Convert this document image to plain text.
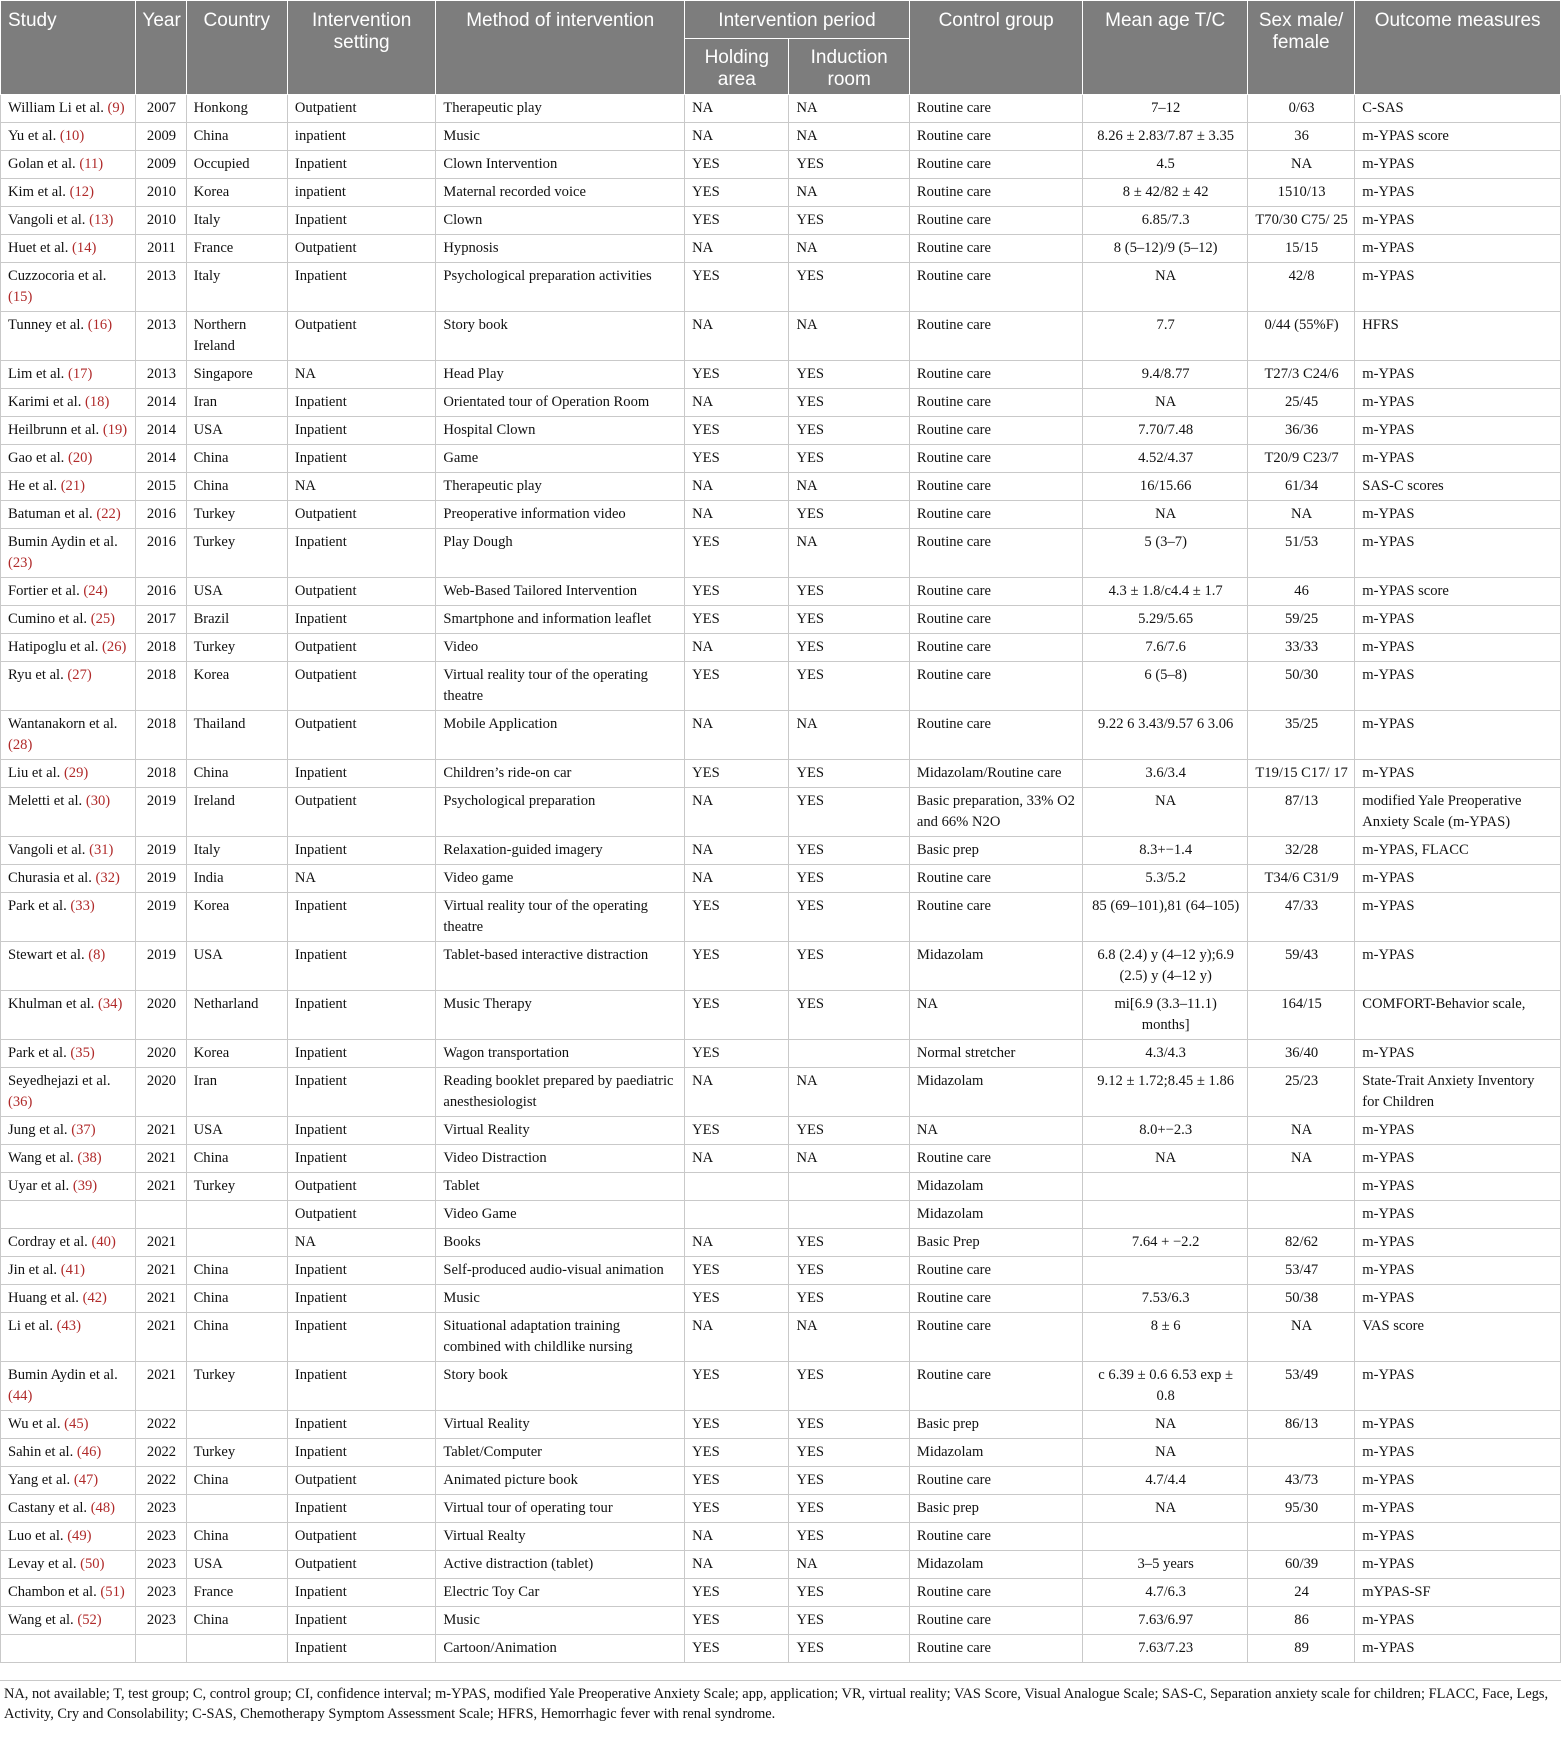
Study	Year	Country	Intervention setting	Method of intervention	Intervention period		Control group	Mean age T/C	Sex male/ female	Outcome measures
					Holding area	Induction room				
William Li et al. (9)	2007	Honkong	Outpatient	Therapeutic play	NA	NA	Routine care	7–12	0/63	C-SAS
Yu et al. (10)	2009	China	inpatient	Music	NA	NA	Routine care	8.26 ± 2.83/7.87 ± 3.35	36	m-YPAS score
Golan et al. (11)	2009	Occupied	Inpatient	Clown Intervention	YES	YES	Routine care	4.5	NA	m-YPAS
Kim et al. (12)	2010	Korea	inpatient	Maternal recorded voice	YES	NA	Routine care	8 ± 42/82 ± 42	1510/13	m-YPAS
Vangoli et al. (13)	2010	Italy	Inpatient	Clown	YES	YES	Routine care	6.85/7.3	T70/30 C75/ 25	m-YPAS
Huet et al. (14)	2011	France	Outpatient	Hypnosis	NA	NA	Routine care	8 (5–12)/9 (5–12)	15/15	m-YPAS
Cuzzocoria et al. (15)	2013	Italy	Inpatient	Psychological preparation activities	YES	YES	Routine care	NA	42/8	m-YPAS
Tunney et al. (16)	2013	Northern Ireland	Outpatient	Story book	NA	NA	Routine care	7.7	0/44 (55%F)	HFRS
Lim et al. (17)	2013	Singapore	NA	Head Play	YES	YES	Routine care	9.4/8.77	T27/3 C24/6	m-YPAS
Karimi et al. (18)	2014	Iran	Inpatient	Orientated tour of Operation Room	NA	YES	Routine care	NA	25/45	m-YPAS
Heilbrunn et al. (19)	2014	USA	Inpatient	Hospital Clown	YES	YES	Routine care	7.70/7.48	36/36	m-YPAS
Gao et al. (20)	2014	China	Inpatient	Game	YES	YES	Routine care	4.52/4.37	T20/9 C23/7	m-YPAS
He et al. (21)	2015	China	NA	Therapeutic play	NA	NA	Routine care	16/15.66	61/34	SAS-C scores
Batuman et al. (22)	2016	Turkey	Outpatient	Preoperative information video	NA	YES	Routine care	NA	NA	m-YPAS
Bumin Aydin et al. (23)	2016	Turkey	Inpatient	Play Dough	YES	NA	Routine care	5 (3–7)	51/53	m-YPAS
Fortier et al. (24)	2016	USA	Outpatient	Web-Based Tailored Intervention	YES	YES	Routine care	4.3 ± 1.8/c4.4 ± 1.7	46	m-YPAS score
Cumino et al. (25)	2017	Brazil	Inpatient	Smartphone and information leaflet	YES	YES	Routine care	5.29/5.65	59/25	m-YPAS
Hatipoglu et al. (26)	2018	Turkey	Outpatient	Video	NA	YES	Routine care	7.6/7.6	33/33	m-YPAS
Ryu et al. (27)	2018	Korea	Outpatient	Virtual reality tour of the operating theatre	YES	YES	Routine care	6 (5–8)	50/30	m-YPAS
Wantanakorn et al. (28)	2018	Thailand	Outpatient	Mobile Application	NA	NA	Routine care	9.22 6 3.43/9.57 6 3.06	35/25	m-YPAS
Liu et al. (29)	2018	China	Inpatient	Children’s ride-on car	YES	YES	Midazolam/Routine care	3.6/3.4	T19/15 C17/ 17	m-YPAS
Meletti et al. (30)	2019	Ireland	Outpatient	Psychological preparation	NA	YES	Basic preparation, 33% O2 and 66% N2O	NA	87/13	modified Yale Preoperative Anxiety Scale (m-YPAS)
Vangoli et al. (31)	2019	Italy	Inpatient	Relaxation-guided imagery	NA	YES	Basic prep	8.3+−1.4	32/28	m-YPAS, FLACC
Churasia et al. (32)	2019	India	NA	Video game	NA	YES	Routine care	5.3/5.2	T34/6 C31/9	m-YPAS
Park et al. (33)	2019	Korea	Inpatient	Virtual reality tour of the operating theatre	YES	YES	Routine care	85 (69–101),81 (64–105)	47/33	m-YPAS
Stewart et al. (8)	2019	USA	Inpatient	Tablet-based interactive distraction	YES	YES	Midazolam	6.8 (2.4) y (4–12 y);6.9 (2.5) y (4–12 y)	59/43	m-YPAS
Khulman et al. (34)	2020	Netharland	Inpatient	Music Therapy	YES	YES	NA	mi[6.9 (3.3–11.1) months]	164/15	COMFORT-Behavior scale,
Park et al. (35)	2020	Korea	Inpatient	Wagon transportation	YES		Normal stretcher	4.3/4.3	36/40	m-YPAS
Seyedhejazi et al. (36)	2020	Iran	Inpatient	Reading booklet prepared by paediatric anesthesiologist	NA	NA	Midazolam	9.12 ± 1.72;8.45 ± 1.86	25/23	State-Trait Anxiety Inventory for Children
Jung et al. (37)	2021	USA	Inpatient	Virtual Reality	YES	YES	NA	8.0+−2.3	NA	m-YPAS
Wang et al. (38)	2021	China	Inpatient	Video Distraction	NA	NA	Routine care	NA	NA	m-YPAS
Uyar et al. (39)	2021	Turkey	Outpatient	Tablet			Midazolam			m-YPAS
			Outpatient	Video Game			Midazolam			m-YPAS
Cordray et al. (40)	2021		NA	Books	NA	YES	Basic Prep	7.64 + −2.2	82/62	m-YPAS
Jin et al. (41)	2021	China	Inpatient	Self-produced audio-visual animation	YES	YES	Routine care		53/47	m-YPAS
Huang et al. (42)	2021	China	Inpatient	Music	YES	YES	Routine care	7.53/6.3	50/38	m-YPAS
Li et al. (43)	2021	China	Inpatient	Situational adaptation training combined with childlike nursing	NA	NA	Routine care	8 ± 6	NA	VAS score
Bumin Aydin et al. (44)	2021	Turkey	Inpatient	Story book	YES	YES	Routine care	c 6.39 ± 0.6 6.53 exp ± 0.8	53/49	m-YPAS
Wu et al. (45)	2022		Inpatient	Virtual Reality	YES	YES	Basic prep	NA	86/13	m-YPAS
Sahin et al. (46)	2022	Turkey	Inpatient	Tablet/Computer	YES	YES	Midazolam	NA		m-YPAS
Yang et al. (47)	2022	China	Outpatient	Animated picture book	YES	YES	Routine care	4.7/4.4	43/73	m-YPAS
Castany et al. (48)	2023		Inpatient	Virtual tour of operating tour	YES	YES	Basic prep	NA	95/30	m-YPAS
Luo et al. (49)	2023	China	Outpatient	Virtual Realty	NA	YES	Routine care			m-YPAS
Levay et al. (50)	2023	USA	Outpatient	Active distraction (tablet)	NA	NA	Midazolam	3–5 years	60/39	m-YPAS
Chambon et al. (51)	2023	France	Inpatient	Electric Toy Car	YES	YES	Routine care	4.7/6.3	24	mYPAS-SF
Wang et al. (52)	2023	China	Inpatient	Music	YES	YES	Routine care	7.63/6.97	86	m-YPAS
			Inpatient	Cartoon/Animation	YES	YES	Routine care	7.63/7.23	89	m-YPAS
NA, not available; T, test group; C, control group; CI, confidence interval; m-YPAS, modified Yale Preoperative Anxiety Scale; app, application; VR, virtual reality; VAS Score, Visual Analogue Scale; SAS-C, Separation anxiety scale for children; FLACC, Face, Legs, Activity, Cry and Consolability; C-SAS, Chemotherapy Symptom Assessment Scale; HFRS, Hemorrhagic fever with renal syndrome.
